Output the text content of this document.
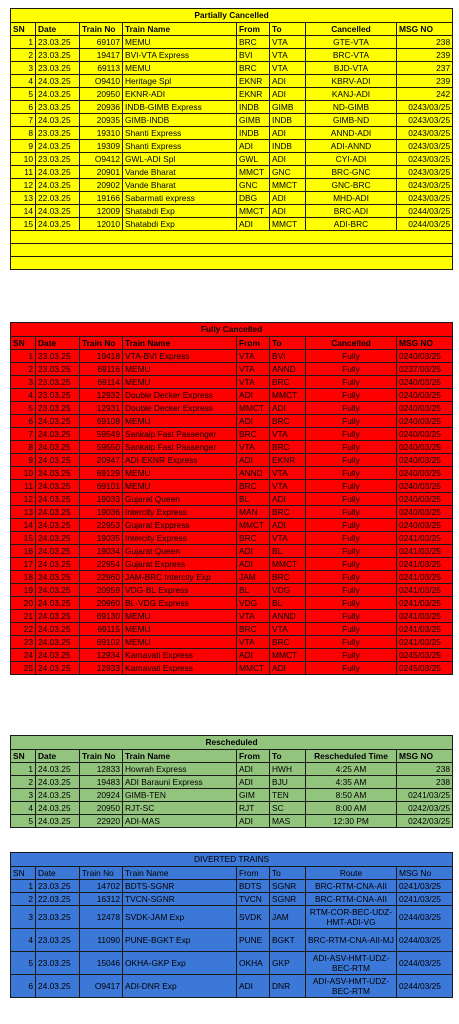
Partially Cancelled							
SN	Date	Train No	Train Name	From	To	Cancelled	MSG NO
1	23.03.25	69107	MEMU	BRC	VTA	GTE-VTA	238
2	23.03.25	19417	BVI-VTA Express	BVI	VTA	BRC-VTA	239
3	23.03.25	69113	MEMU	BRC	VTA	BJD-VTA	237
4	24.03.25	O9410	Heritage Spl	EKNR	ADI	KBRV-ADI	239
5	24.03.25	20950	EKNR-ADI	EKNR	ADI	KANJ-ADI	242
6	23.03.25	20936	INDB-GIMB Express	INDB	GIMB	ND-GIMB	0243/03/25
7	24.03.25	20935	GIMB-INDB	GIMB	INDB	GIMB-ND	0243/03/25
8	23.03.25	19310	Shanti Express	INDB	ADI	ANND-ADI	0243/03/25
9	24.03.25	19309	Shanti Express	ADI	INDB	ADI-ANND	0243/03/25
10	23.03.25	O9412	GWL-ADI Spl	GWL	ADI	CYI-ADI	0243/03/25
11	24.03.25	20901	Vande Bharat	MMCT	GNC	BRC-GNC	0243/03/25
12	24.03.25	20902	Vande Bharat	GNC	MMCT	GNC-BRC	0243/03/25
13	22.03.25	19166	Sabarmati express	DBG	ADI	MHD-ADI	0243/03/25
14	24.03.25	12009	Shatabdi Exp	MMCT	ADI	BRC-ADI	0244/03/25
15	24.03.25	12010	Shatabdi Exp	ADI	MMCT	ADI-BRC	0244/03/25

Fully Cancelled							
SN	Date	Train No	Train Name	From	To	Cancelled	MSG NO
1	23.03.25	19418	VTA-BVI Express	VTA	BVI	Fully	0240/03/25
2	23.03.25	69116	MEMU	VTA	ANND	Fully	0237/03/25
3	23.03.25	69114	MEMU	VTA	BRC	Fully	0240/03/25
4	23.03.25	12932	Double Decker Express	ADI	MMCT	Fully	0240/03/25
5	23.03.25	12931	Double Decker Express	MMCT	ADI	Fully	0240/03/25
6	24.03.25	69108	MEMU	ADI	BRC	Fully	0240/03/25
7	24.03.25	59549	Sankalp Fast Passenger	BRC	VTA	Fully	0240/03/25
8	24.03.25	59550	Sankalp Fast Passenger	VTA	BRC	Fully	0240/03/25
9	24.03.25	20947	ADI-EKNR Express	ADI	EKNR	Fully	0240/03/25
10	24.03.25	69129	MEMU	ANND	VTA	Fully	0240/03/25
11	24.03.25	69101	MEMU	BRC	VTA	Fully	0240/03/25
12	24.03.25	19033	Gujarat Queen	BL	ADI	Fully	0240/03/25
13	24.03.25	19036	Intercity Express	MAN	BRC	Fully	0240/03/25
14	24.03.25	22953	Gujarat Exppress	MMCT	ADI	Fully	0240/03/25
15	24.03.25	19035	Intercity Express	BRC	VTA	Fully	0241/03/25
16	24.03.25	19034	Gujarat Queen	ADI	BL	Fully	0241/03/25
17	24.03.25	22954	Gujarat Express	ADI	MMCT	Fully	0241/03/25
18	24.03.25	22960	JAM-BRC Intercity Exp	JAM	BRC	Fully	0241/03/25
19	24.03.25	20959	VDG-BL Express	BL	VDG	Fully	0241/03/25
20	24.03.25	20960	BL-VDG Express	VDG	BL	Fully	0241/03/25
21	24.03.25	69130	MEMU	VTA	ANND	Fully	0241/03/25
22	24.03.25	69115	MEMU	BRC	VTA	Fully	0241/03/25
23	24.03.25	69102	MEMU	VTA	BRC	Fully	0241/03/25
24	24.03.25	12934	Karnavati Express	ADI	MMCT	Fully	0245/03/25
25	24.03.25	12933	Karnavati Express	MMCT	ADI	Fully	0245/03/25
Rescheduled							
SN	Date	Train No	Train Name	From	To	Rescheduled Time	MSG NO
1	24.03.25	12833	Howrah Express	ADI	HWH	4:25 AM	238
2	24.03.25	19483	ADI Barauni Express	ADI	BJU	4:35 AM	238
3	24.03.25	20924	GIMB-TEN	GIM	TEN	8:50 AM	0241/03/25
4	24.03.25	20950	RJT-SC	RJT	SC	8:00 AM	0242/03/25
5	24.03.25	22920	ADI-MAS	ADI	MAS	12:30 PM	0242/03/25
DIVERTED TRAINS							
SN	Date	Train No	Train Name	From	To	Route	MSG No
1	23.03.25	14702	BDTS-SGNR	BDTS	SGNR	BRC-RTM-CNA-AII	0241/03/25
2	22.03.25	16312	TVCN-SGNR	TVCN	SGNR	BRC-RTM-CNA-AII	0241/03/25
3	23.03.25	12478	SVDK-JAM Exp	SVDK	JAM	RTM-COR-BEC-UDZ-HMT-ADI-VG	0244/03/25
4	23.03.25	11090	PUNE-BGKT Exp	PUNE	BGKT	BRC-RTM-CNA-AII-MJ	0244/03/25
5	23.03.25	15046	OKHA-GKP Exp	OKHA	GKP	ADI-ASV-HMT-UDZ-BEC-RTM	0244/03/25
6	24.03.25	O9417	ADI-DNR Exp	ADI	DNR	ADI-ASV-HMT-UDZ-BEC-RTM	0244/03/25
